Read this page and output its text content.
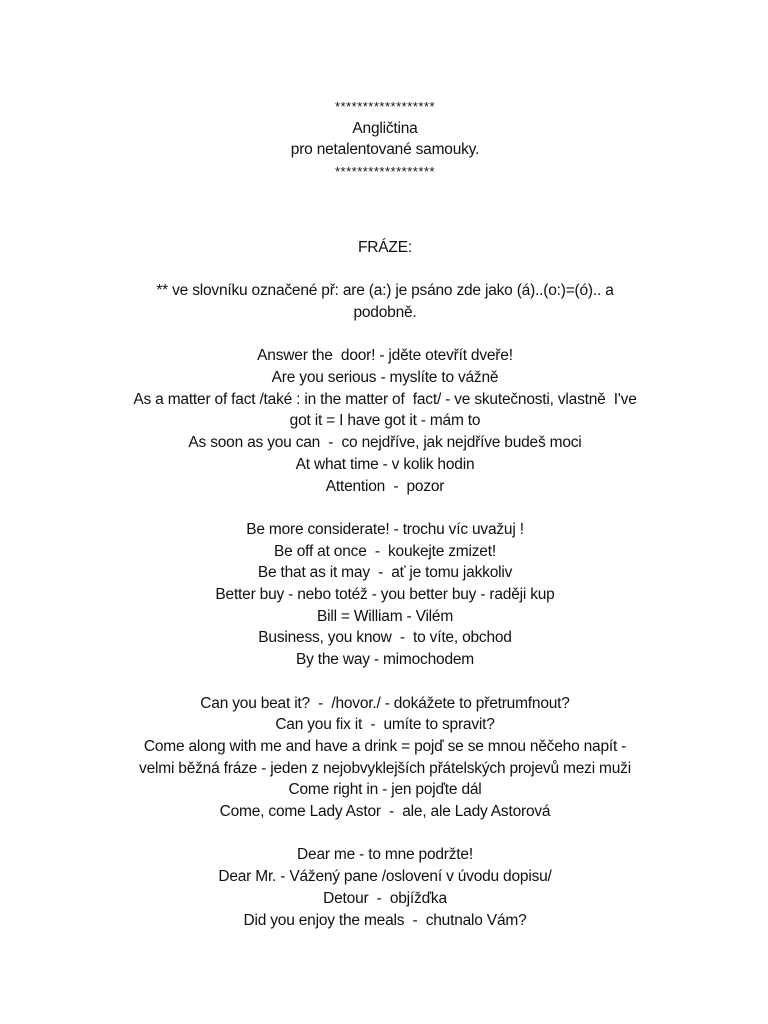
******************
Angličtina
pro netalentované samouky.
******************
FRÁZE:
** ve slovníku označené př: are (a:) je psáno zde jako (á)..(o:)=(ó).. a
podobně.
Answer the  door! - jděte otevřít dveře!
Are you serious - myslíte to vážně
As a matter of fact /také : in the matter of  fact/ - ve skutečnosti, vlastně  I've
got it = I have got it - mám to
As soon as you can  -  co nejdříve, jak nejdříve budeš moci
At what time - v kolik hodin
Attention  -  pozor
Be more considerate! - trochu víc uvažuj !
Be off at once  -  koukejte zmizet!
Be that as it may  -  ať je tomu jakkoliv
Better buy - nebo totéž - you better buy - raději kup
Bill = William - Vilém
Business, you know  -  to víte, obchod
By the way - mimochodem
Can you beat it?  -  /hovor./ - dokážete to přetrumfnout?
Can you fix it  -  umíte to spravit?
Come along with me and have a drink = pojď se se mnou něčeho napít -
velmi běžná fráze - jeden z nejobvyklejších přátelských projevů mezi muži
Come right in - jen pojďte dál
Come, come Lady Astor  -  ale, ale Lady Astorová
Dear me - to mne podržte!
Dear Mr. - Vážený pane /oslovení v úvodu dopisu/
Detour  -  objížďka
Did you enjoy the meals  -  chutnalo Vám?
